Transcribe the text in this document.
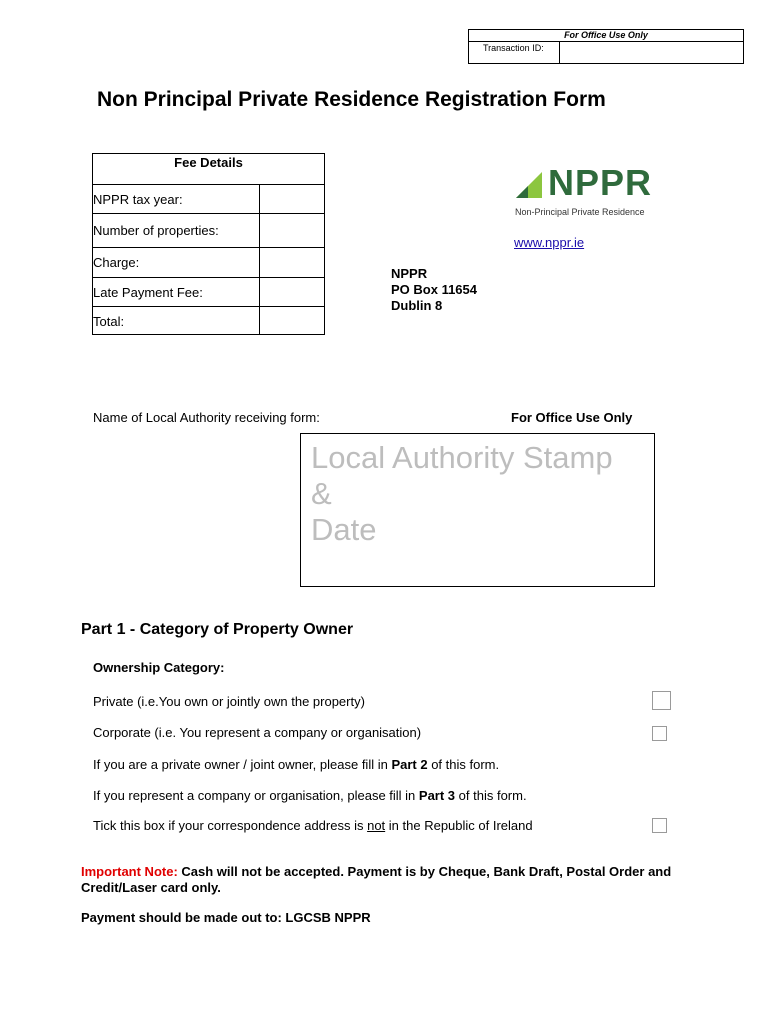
For Office Use Only
Transaction ID:
Non Principal Private Residence Registration Form
Fee Details
NPPR tax year:
Number of properties:
Charge:
Late Payment Fee:
Total:
NPPR
Non-Principal Private Residence
www.nppr.ie
NPPR
PO Box 11654
Dublin 8
Name of Local Authority receiving form:	For Office Use Only
Local Authority Stamp
&
Date
Part 1 - Category of Property Owner
Ownership Category:
Private (i.e.You own or jointly own the property)
Corporate (i.e. You represent a company or organisation)
If you are a private owner / joint owner, please fill in Part 2 of this form.
If you represent a company or organisation, please fill in Part 3 of this form.
Tick this box if your correspondence address is not in the Republic of Ireland
Important Note: Cash will not be accepted. Payment is by Cheque, Bank Draft, Postal Order and Credit/Laser card only.
Payment should be made out to: LGCSB NPPR
